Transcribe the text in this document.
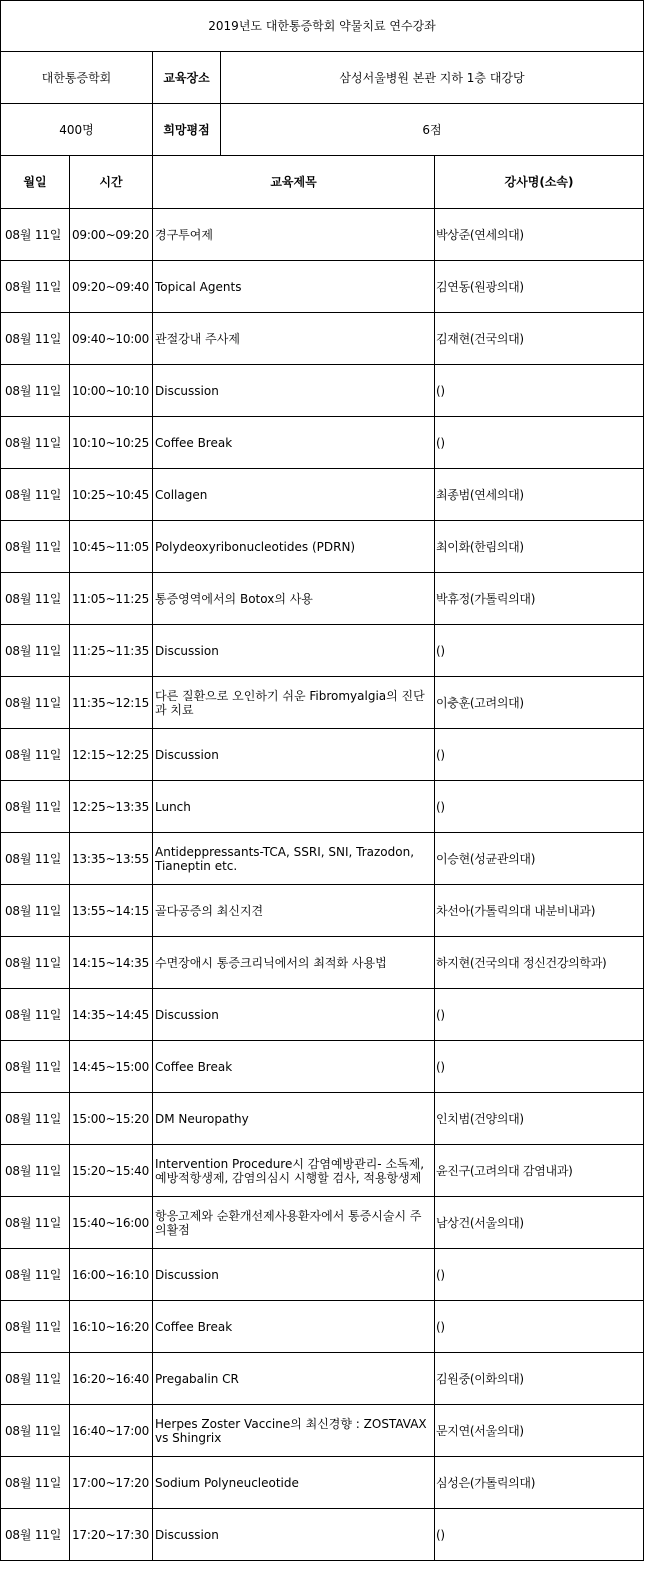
2019년도 대한통증학회 약물치료 연수강좌				
대한통증학회		교육장소	삼성서울병원 본관 지하 1층 대강당	
400명		희망평점	6점	
월일	시간	교육제목		강사명(소속)
08월 11일	09:00~09:20	경구투여제		박상준(연세의대)
08월 11일	09:20~09:40	Topical Agents		김연동(원광의대)
08월 11일	09:40~10:00	관절강내 주사제		김재현(건국의대)
08월 11일	10:00~10:10	Discussion		()
08월 11일	10:10~10:25	Coffee Break		()
08월 11일	10:25~10:45	Collagen		최종범(연세의대)
08월 11일	10:45~11:05	Polydeoxyribonucleotides (PDRN)		최이화(한림의대)
08월 11일	11:05~11:25	통증영역에서의 Botox의 사용		박휴정(가톨릭의대)
08월 11일	11:25~11:35	Discussion		()
08월 11일	11:35~12:15	다른 질환으로 오인하기 쉬운 Fibromyalgia의 진단과 치료		이충훈(고려의대)
08월 11일	12:15~12:25	Discussion		()
08월 11일	12:25~13:35	Lunch		()
08월 11일	13:35~13:55	Antideppressants-TCA, SSRI, SNI, Trazodon, Tianeptin etc.		이승현(성균관의대)
08월 11일	13:55~14:15	골다공증의 최신지견		차선아(가톨릭의대 내분비내과)
08월 11일	14:15~14:35	수면장애시 통증크리닉에서의 최적화 사용법		하지현(건국의대 정신건강의학과)
08월 11일	14:35~14:45	Discussion		()
08월 11일	14:45~15:00	Coffee Break		()
08월 11일	15:00~15:20	DM Neuropathy		인치범(건양의대)
08월 11일	15:20~15:40	Intervention Procedure시 감염예방관리- 소독제, 예방적항생제, 감염의심시 시행할 검사, 적용항생제		윤진구(고려의대 감염내과)
08월 11일	15:40~16:00	항응고제와 순환개선제사용환자에서 통증시술시 주의활점		남상건(서울의대)
08월 11일	16:00~16:10	Discussion		()
08월 11일	16:10~16:20	Coffee Break		()
08월 11일	16:20~16:40	Pregabalin CR		김원중(이화의대)
08월 11일	16:40~17:00	Herpes Zoster Vaccine의 최신경향 : ZOSTAVAX vs Shingrix		문지연(서울의대)
08월 11일	17:00~17:20	Sodium Polyneucleotide		심성은(가톨릭의대)
08월 11일	17:20~17:30	Discussion		()
